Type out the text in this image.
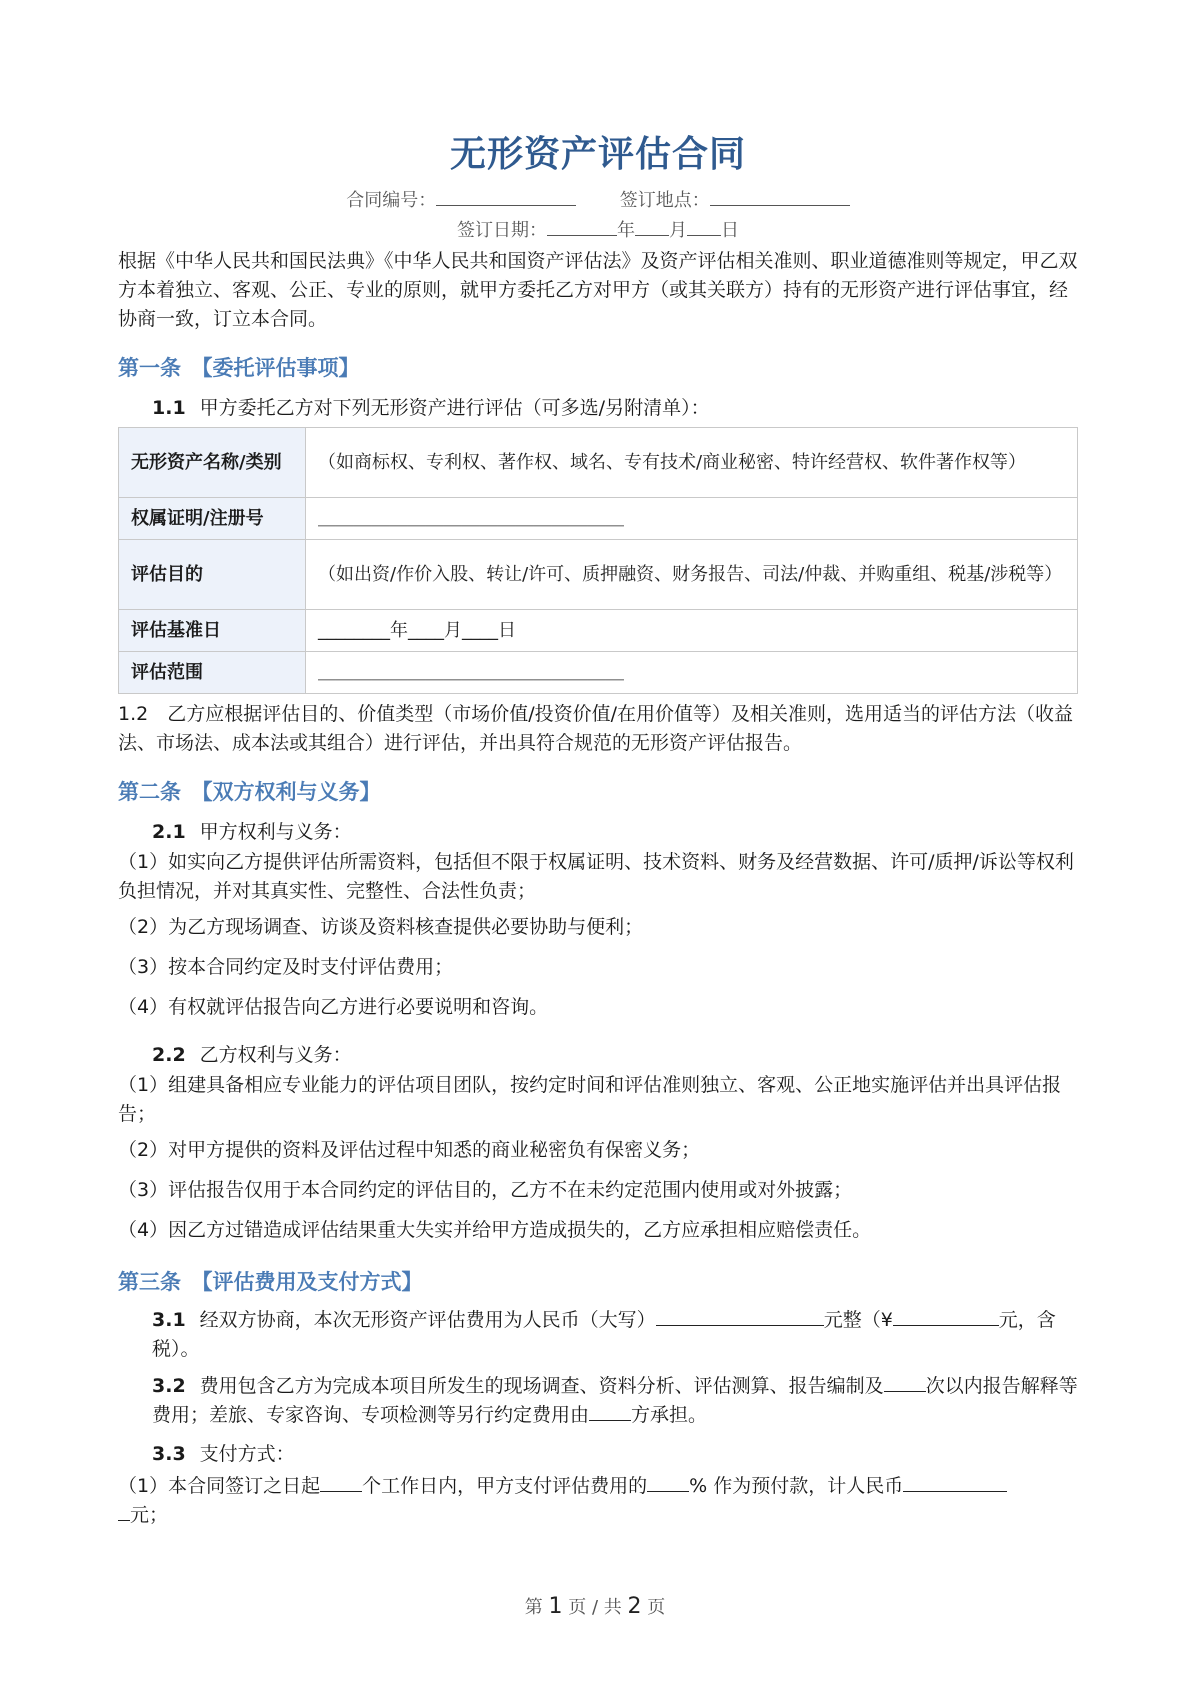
无形资产评估合同
合同编号：	签订地点：
签订日期：	年 月 日
根据《中华人民共和国民法典》《中华人民共和国资产评估法》及资产评估相关准则、职业道德准则等规定，甲乙双方本着独立、客观、公正、专业的原则，就甲方委托乙方对甲方（或其关联方）持有的无形资产进行评估事宜，经协商一致，订立本合同。
第一条　【委托评估事项】
1.1 甲方委托乙方对下列无形资产进行评估（可多选/另附清单）：
无形资产名称/类别	（如商标权、专利权、著作权、域名、专有技术/商业秘密、特许经营权、软件著作权等）
权属证明/注册号	＿＿＿＿＿＿＿＿＿＿＿＿＿＿＿＿＿
评估目的	（如出资/作价入股、转让/许可、质押融资、财务报告、司法/仲裁、并购重组、税基/涉税等）
评估基准日	________年____月____日
评估范围	＿＿＿＿＿＿＿＿＿＿＿＿＿＿＿＿＿
1.2　乙方应根据评估目的、价值类型（市场价值/投资价值/在用价值等）及相关准则，选用适当的评估方法（收益法、市场法、成本法或其组合）进行评估，并出具符合规范的无形资产评估报告。
第二条　【双方权利与义务】
2.1 甲方权利与义务：
（1）如实向乙方提供评估所需资料，包括但不限于权属证明、技术资料、财务及经营数据、许可/质押/诉讼等权利负担情况，并对其真实性、完整性、合法性负责；
（2）为乙方现场调查、访谈及资料核查提供必要协助与便利；
（3）按本合同约定及时支付评估费用；
（4）有权就评估报告向乙方进行必要说明和咨询。
2.2 乙方权利与义务：
（1）组建具备相应专业能力的评估项目团队，按约定时间和评估准则独立、客观、公正地实施评估并出具评估报告；
（2）对甲方提供的资料及评估过程中知悉的商业秘密负有保密义务；
（3）评估报告仅用于本合同约定的评估目的，乙方不在未约定范围内使用或对外披露；
（4）因乙方过错造成评估结果重大失实并给甲方造成损失的，乙方应承担相应赔偿责任。
第三条　【评估费用及支付方式】
3.1 经双方协商，本次无形资产评估费用为人民币（大写）	元整（¥	元，含税）。
3.2 费用包含乙方为完成本项目所发生的现场调查、资料分析、评估测算、报告编制及 次以内报告解释等费用；差旅、专家咨询、专项检测等另行约定费用由 方承担。
3.3 支付方式：
（1）本合同签订之日起 个工作日内，甲方支付评估费用的 % 作为预付款，计人民币
元；
第 1 页 / 共 2 页
